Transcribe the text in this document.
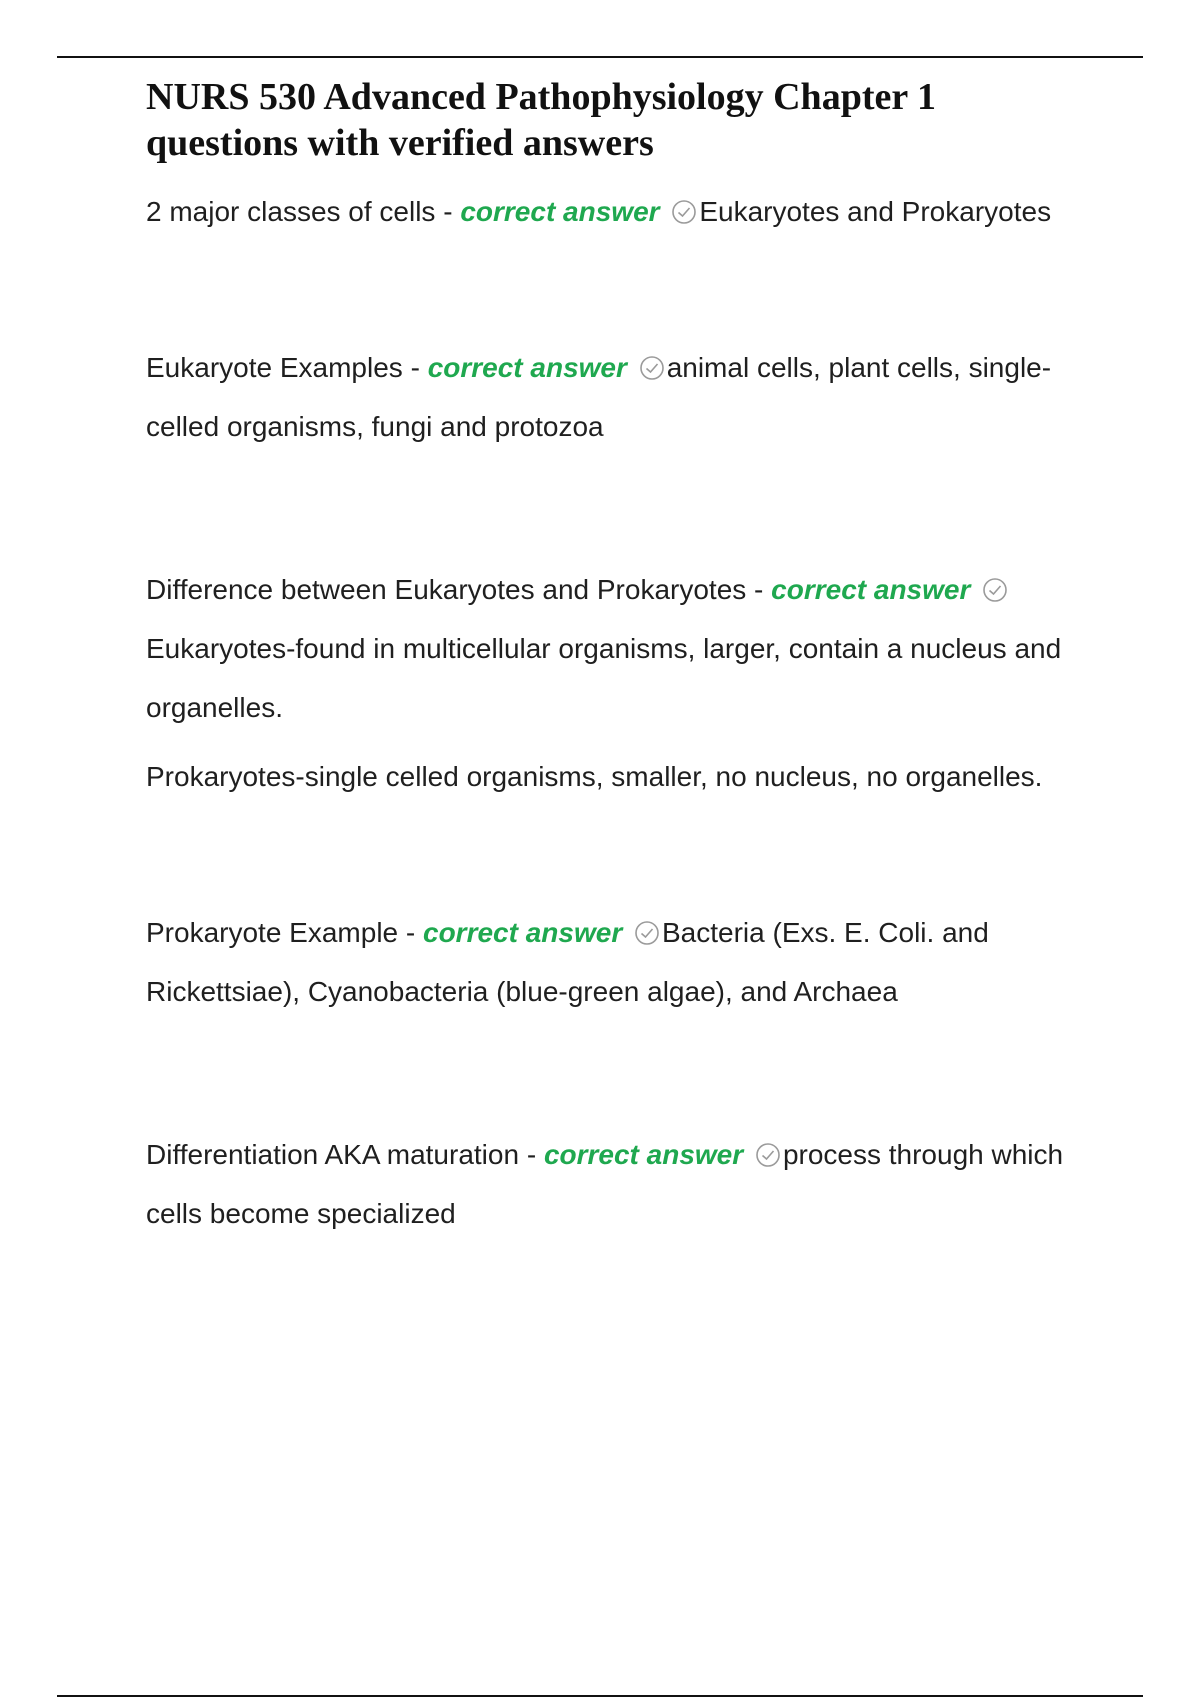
NURS 530 Advanced Pathophysiology Chapter 1 questions with verified answers

2 major classes of cells - correct answer Eukaryotes and Prokaryotes

Eukaryote Examples - correct answer animal cells, plant cells, single-celled organisms, fungi and protozoa

Difference between Eukaryotes and Prokaryotes - correct answer
Eukaryotes-found in multicellular organisms, larger, contain a nucleus and organelles.

Prokaryotes-single celled organisms, smaller, no nucleus, no organelles.

Prokaryote Example - correct answer Bacteria (Exs. E. Coli. and Rickettsiae), Cyanobacteria (blue-green algae), and Archaea

Differentiation AKA maturation - correct answer process through which cells become specialized
